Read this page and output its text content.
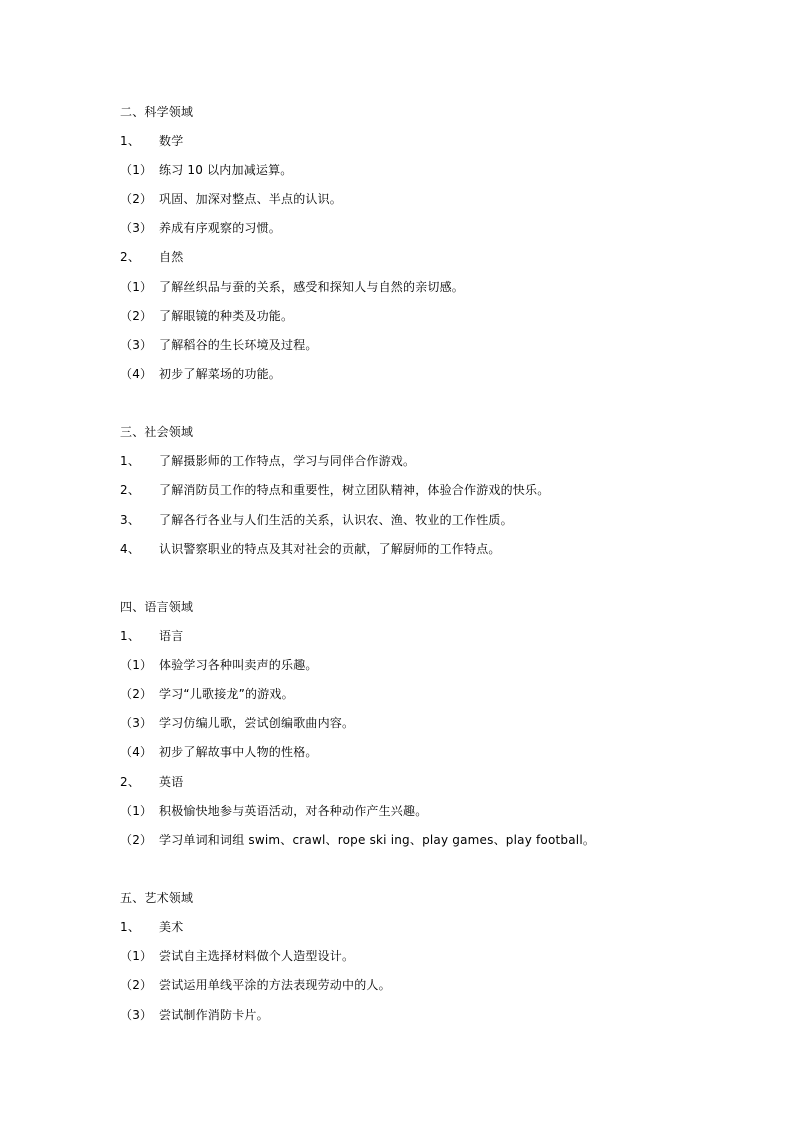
二、科学领域
1、 数学
（1） 练习 10 以内加减运算。
（2） 巩固、加深对整点、半点的认识。
（3） 养成有序观察的习惯。
2、 自然
（1） 了解丝织品与蚕的关系，感受和探知人与自然的亲切感。
（2） 了解眼镜的种类及功能。
（3） 了解稻谷的生长环境及过程。
（4） 初步了解菜场的功能。
三、社会领域
1、 了解摄影师的工作特点，学习与同伴合作游戏。
2、 了解消防员工作的特点和重要性，树立团队精神，体验合作游戏的快乐。
3、 了解各行各业与人们生活的关系，认识农、渔、牧业的工作性质。
4、 认识警察职业的特点及其对社会的贡献，了解厨师的工作特点。
四、语言领域
1、 语言
（1） 体验学习各种叫卖声的乐趣。
（2） 学习“儿歌接龙”的游戏。
（3） 学习仿编儿歌，尝试创编歌曲内容。
（4） 初步了解故事中人物的性格。
2、 英语
（1） 积极愉快地参与英语活动，对各种动作产生兴趣。
（2） 学习单词和词组 swim、crawl、rope ski ing、play games、play football。
五、艺术领域
1、 美术
（1） 尝试自主选择材料做个人造型设计。
（2） 尝试运用单线平涂的方法表现劳动中的人。
（3） 尝试制作消防卡片。
